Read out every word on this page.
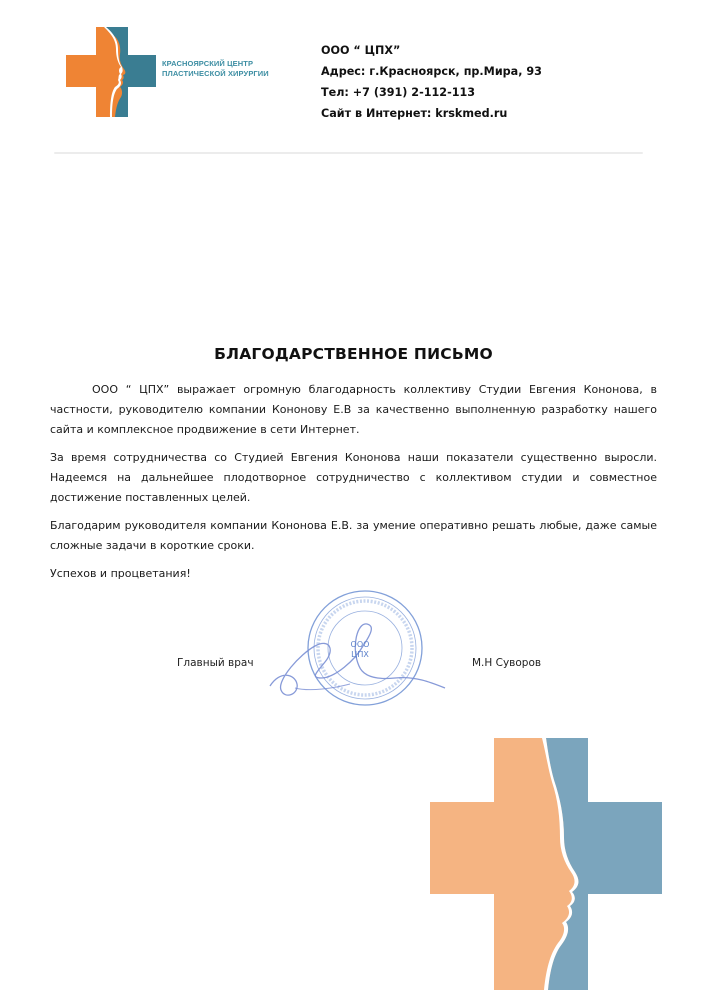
КРАСНОЯРСКИЙ ЦЕНТР
ПЛАСТИЧЕСКОЙ ХИРУРГИИ
ООО “ ЦПХ”
Адрес: г.Красноярск, пр.Мира, 93
Тел: +7 (391) 2-112-113
Сайт в Интернет: krskmed.ru
БЛАГОДАРСТВЕННОЕ ПИСЬМО

ООО “ ЦПХ” выражает огромную благодарность коллективу Студии Евгения Кононова, в частности, руководителю компании Кононову Е.В за качественно выполненную разработку нашего сайта и комплексное продвижение в сети Интернет.

За время сотрудничества со Студией Евгения Кононова наши показатели существенно выросли. Надеемся на дальнейшее плодотворное сотрудничество с коллективом студии и совместное достижение поставленных целей.

Благодарим руководителя компании Кононова Е.В. за умение оперативно решать любые, даже самые сложные задачи в короткие сроки.

Успехов и процветания!

ООО
ЦПХ
Главный врач	М.Н Суворов
